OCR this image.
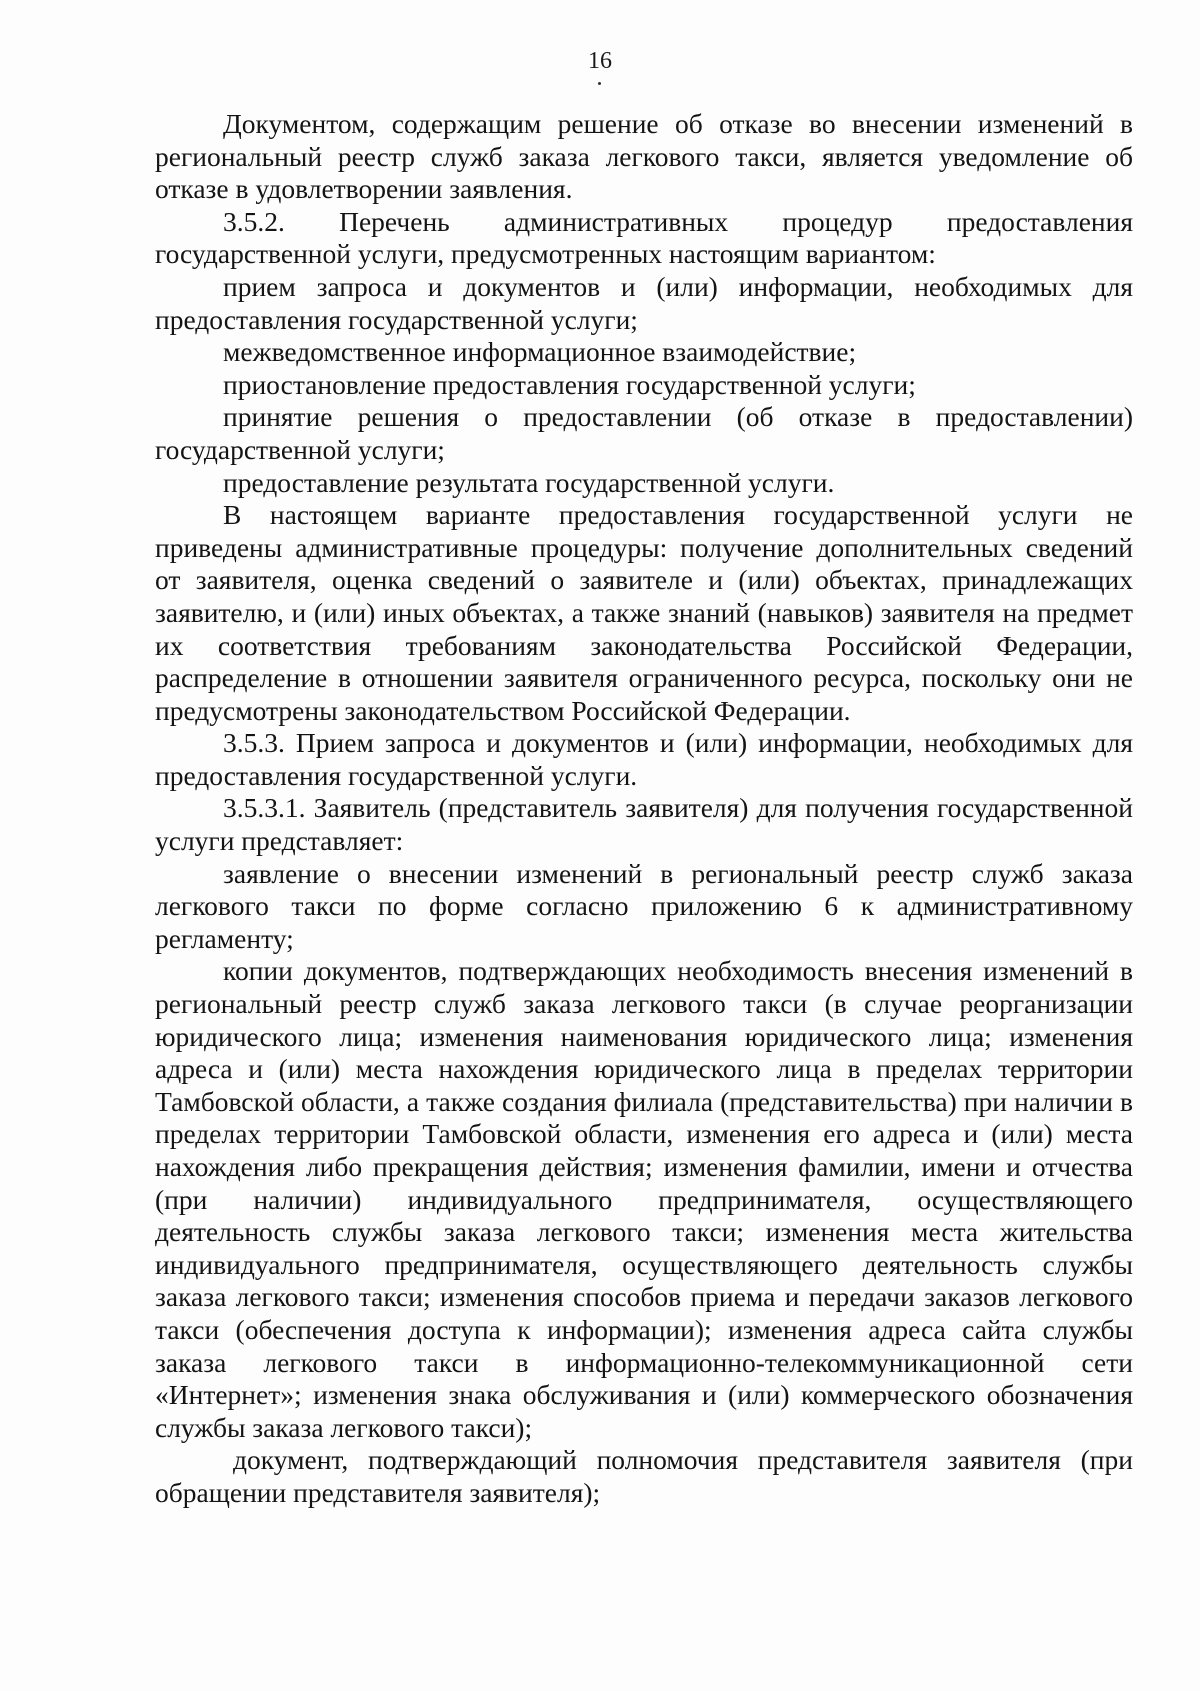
16

Документом, содержащим решение об отказе во внесении изменений в региональный реестр служб заказа легкового такси, является уведомление об отказе в удовлетворении заявления.

3.5.2. Перечень административных процедур предоставления государственной услуги, предусмотренных настоящим вариантом:

прием запроса и документов и (или) информации, необходимых для предоставления государственной услуги;

межведомственное информационное взаимодействие;

приостановление предоставления государственной услуги;

принятие решения о предоставлении (об отказе в предоставлении) государственной услуги;

предоставление результата государственной услуги.

В настоящем варианте предоставления государственной услуги не приведены административные процедуры: получение дополнительных сведений от заявителя, оценка сведений о заявителе и (или) объектах, принадлежащих заявителю, и (или) иных объектах, а также знаний (навыков) заявителя на предмет их соответствия требованиям законодательства Российской Федерации, распределение в отношении заявителя ограниченного ресурса, поскольку они не предусмотрены законодательством Российской Федерации.

3.5.3. Прием запроса и документов и (или) информации, необходимых для предоставления государственной услуги.

3.5.3.1. Заявитель (представитель заявителя) для получения государственной услуги представляет:

заявление о внесении изменений в региональный реестр служб заказа легкового такси по форме согласно приложению 6 к административному регламенту;

копии документов, подтверждающих необходимость внесения изменений в региональный реестр служб заказа легкового такси (в случае реорганизации юридического лица; изменения наименования юридического лица; изменения адреса и (или) места нахождения юридического лица в пределах территории Тамбовской области, а также создания филиала (представительства) при наличии в пределах территории Тамбовской области, изменения его адреса и (или) места нахождения либо прекращения действия; изменения фамилии, имени и отчества (при наличии) индивидуального предпринимателя, осуществляющего деятельность службы заказа легкового такси; изменения места жительства индивидуального предпринимателя, осуществляющего деятельность службы заказа легкового такси; изменения способов приема и передачи заказов легкового такси (обеспечения доступа к информации); изменения адреса сайта службы заказа легкового такси в информационно-телекоммуникационной сети «Интернет»; изменения знака обслуживания и (или) коммерческого обозначения службы заказа легкового такси);

документ, подтверждающий полномочия представителя заявителя (при обращении представителя заявителя);
